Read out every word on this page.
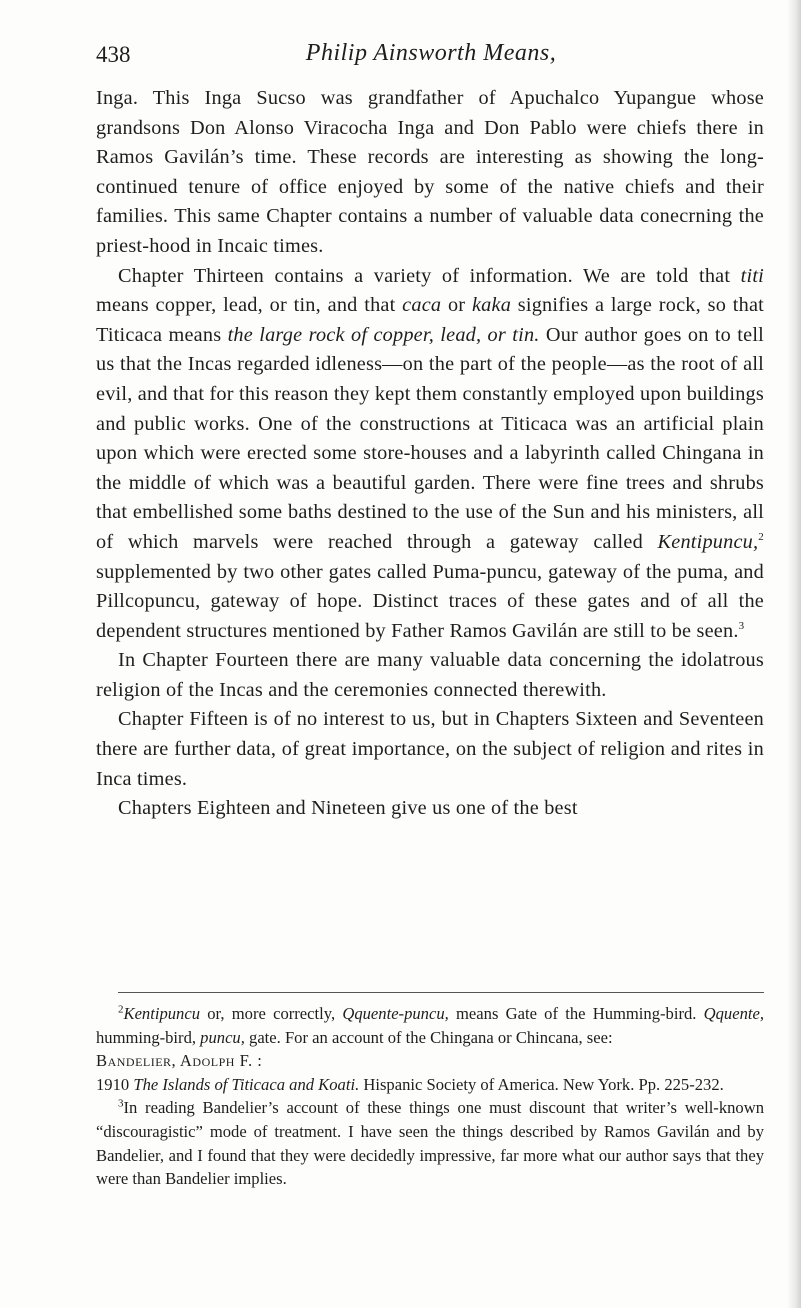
438	Philip Ainsworth Means,

Inga. This Inga Sucso was grandfather of Apuchalco Yupangue whose grandsons Don Alonso Viracocha Inga and Don Pablo were chiefs there in Ramos Gavilán’s time. These records are interesting as showing the long-continued tenure of office enjoyed by some of the native chiefs and their families. This same Chapter contains a number of valuable data conecrning the priest-hood in Incaic times.

Chapter Thirteen contains a variety of information. We are told that titi means copper, lead, or tin, and that caca or kaka signifies a large rock, so that Titicaca means the large rock of copper, lead, or tin. Our author goes on to tell us that the Incas regarded idleness—on the part of the people—as the root of all evil, and that for this reason they kept them constantly employed upon buildings and public works. One of the constructions at Titicaca was an artificial plain upon which were erected some store-houses and a labyrinth called Chingana in the middle of which was a beautiful garden. There were fine trees and shrubs that embellished some baths destined to the use of the Sun and his ministers, all of which marvels were reached through a gateway called Kentipuncu,$^2$ supplemented by two other gates called Puma-puncu, gateway of the puma, and Pillcopuncu, gateway of hope. Distinct traces of these gates and of all the dependent structures mentioned by Father Ramos Gavilán are still to be seen.$^3$

In Chapter Fourteen there are many valuable data concerning the idolatrous religion of the Incas and the ceremonies connected therewith.

Chapter Fifteen is of no interest to us, but in Chapters Sixteen and Seventeen there are further data, of great importance, on the subject of religion and rites in Inca times.

Chapters Eighteen and Nineteen give us one of the best

$^2$Kentipuncu or, more correctly, Qquente-puncu, means Gate of the Humming-bird. Qquente, humming-bird, puncu, gate. For an account of the Chingana or Chincana, see:

Bandelier, Adolph F. :

1910 The Islands of Titicaca and Koati. Hispanic Society of America. New York. Pp. 225-232.

$^3$In reading Bandelier’s account of these things one must discount that writer’s well-known “discouragistic” mode of treatment. I have seen the things described by Ramos Gavilán and by Bandelier, and I found that they were decidedly impressive, far more what our author says that they were than Bandelier implies.
